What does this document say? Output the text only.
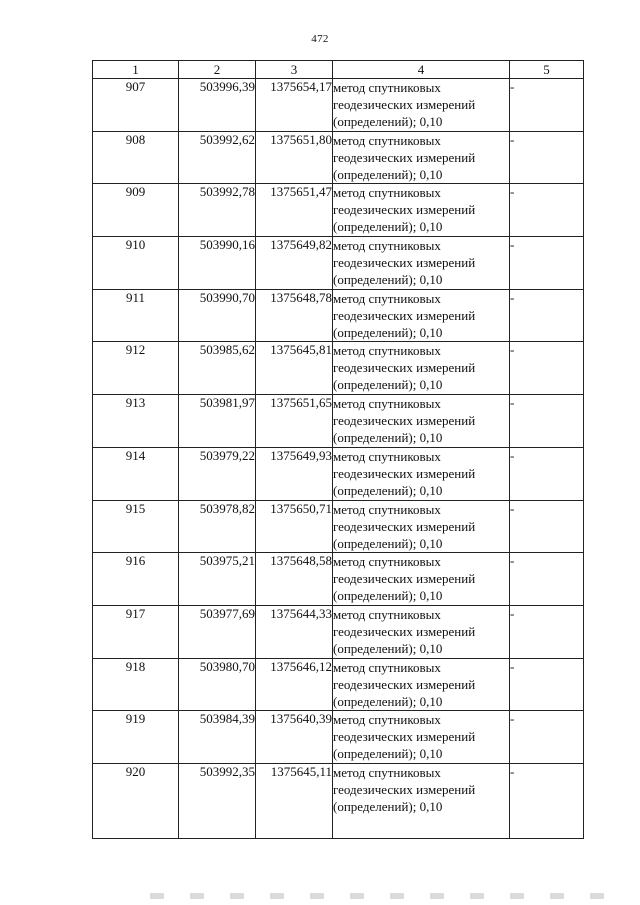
472
1	2	3	4	5
907	503996,39	1375654,17	метод спутниковых
геодезических измерений
(определений); 0,10	-
908	503992,62	1375651,80	метод спутниковых
геодезических измерений
(определений); 0,10	-
909	503992,78	1375651,47	метод спутниковых
геодезических измерений
(определений); 0,10	-
910	503990,16	1375649,82	метод спутниковых
геодезических измерений
(определений); 0,10	-
911	503990,70	1375648,78	метод спутниковых
геодезических измерений
(определений); 0,10	-
912	503985,62	1375645,81	метод спутниковых
геодезических измерений
(определений); 0,10	-
913	503981,97	1375651,65	метод спутниковых
геодезических измерений
(определений); 0,10	-
914	503979,22	1375649,93	метод спутниковых
геодезических измерений
(определений); 0,10	-
915	503978,82	1375650,71	метод спутниковых
геодезических измерений
(определений); 0,10	-
916	503975,21	1375648,58	метод спутниковых
геодезических измерений
(определений); 0,10	-
917	503977,69	1375644,33	метод спутниковых
геодезических измерений
(определений); 0,10	-
918	503980,70	1375646,12	метод спутниковых
геодезических измерений
(определений); 0,10	-
919	503984,39	1375640,39	метод спутниковых
геодезических измерений
(определений); 0,10	-
920	503992,35	1375645,11	метод спутниковых
геодезических измерений
(определений); 0,10	-
